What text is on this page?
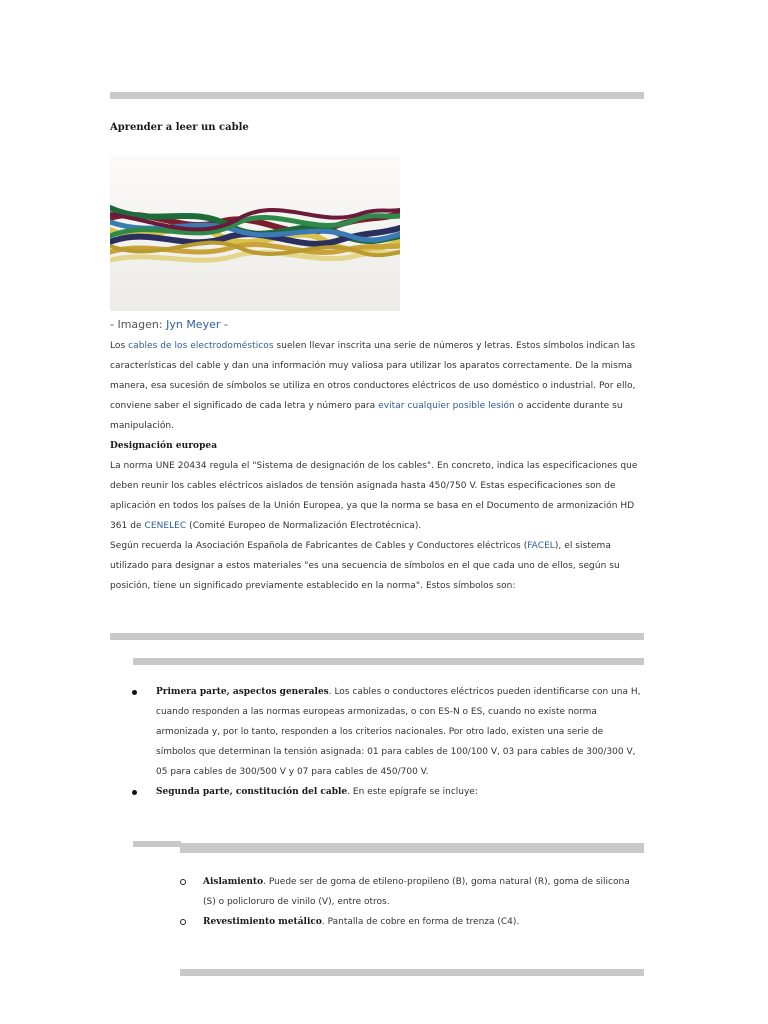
Aprender a leer un cable
- Imagen: Jyn Meyer -

Los cables de los electrodomésticos suelen llevar inscrita una serie de números y letras. Estos símbolos indican las características del cable y dan una información muy valiosa para utilizar los aparatos correctamente. De la misma manera, esa sucesión de símbolos se utiliza en otros conductores eléctricos de uso doméstico o industrial. Por ello, conviene saber el significado de cada letra y número para evitar cualquier posible lesión o accidente durante su manipulación.

Designación europea

La norma UNE 20434 regula el "Sistema de designación de los cables". En concreto, indica las especificaciones que deben reunir los cables eléctricos aislados de tensión asignada hasta 450/750 V. Estas especificaciones son de aplicación en todos los países de la Unión Europea, ya que la norma se basa en el Documento de armonización HD 361 de CENELEC (Comité Europeo de Normalización Electrotécnica).

Según recuerda la Asociación Española de Fabricantes de Cables y Conductores eléctricos (FACEL), el sistema utilizado para designar a estos materiales "es una secuencia de símbolos en el que cada uno de ellos, según su posición, tiene un significado previamente establecido en la norma". Estos símbolos son:

Primera parte, aspectos generales. Los cables o conductores eléctricos pueden identificarse con una H, cuando responden a las normas europeas armonizadas, o con ES-N o ES, cuando no existe norma armonizada y, por lo tanto, responden a los criterios nacionales. Por otro lado, existen una serie de símbolos que determinan la tensión asignada: 01 para cables de 100/100 V, 03 para cables de 300/300 V, 05 para cables de 300/500 V y 07 para cables de 450/700 V.
Segunda parte, constitución del cable. En este epígrafe se incluye:
Aislamiento. Puede ser de goma de etileno-propileno (B), goma natural (R), goma de silicona (S) o policloruro de vinilo (V), entre otros.
Revestimiento metálico. Pantalla de cobre en forma de trenza (C4).
